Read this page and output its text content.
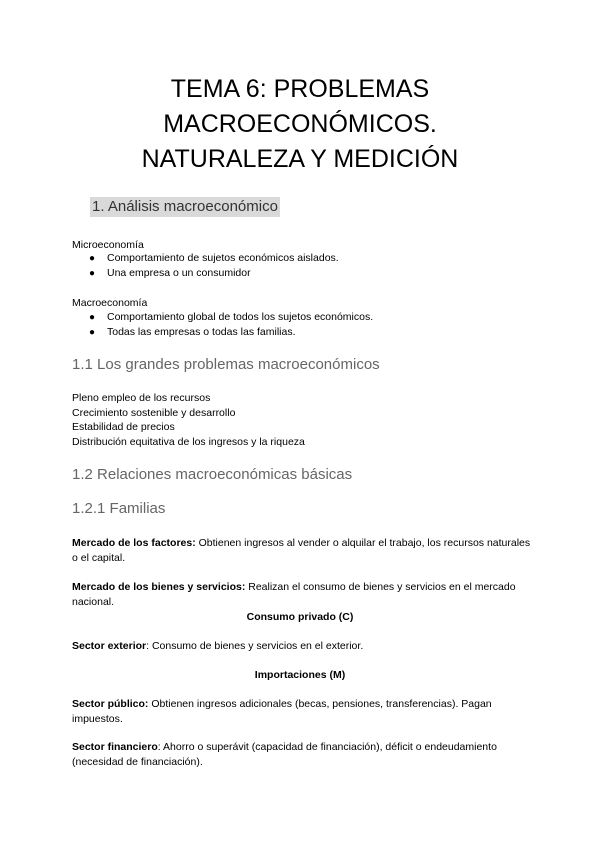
TEMA 6: PROBLEMAS
MACROECONÓMICOS.
NATURALEZA Y MEDICIÓN
1. Análisis macroeconómico
Microeconomía
● Comportamiento de sujetos económicos aislados.
● Una empresa o un consumidor
Macroeconomía
● Comportamiento global de todos los sujetos económicos.
● Todas las empresas o todas las familias.
1.1 Los grandes problemas macroeconómicos
Pleno empleo de los recursos
Crecimiento sostenible y desarrollo
Estabilidad de precios
Distribución equitativa de los ingresos y la riqueza
1.2 Relaciones macroeconómicas básicas
1.2.1 Familias

Mercado de los factores: Obtienen ingresos al vender o alquilar el trabajo, los recursos naturales o el capital.

Mercado de los bienes y servicios: Realizan el consumo de bienes y servicios en el mercado nacional.

Consumo privado (C)

Sector exterior: Consumo de bienes y servicios en el exterior.

Importaciones (M)

Sector público: Obtienen ingresos adicionales (becas, pensiones, transferencias). Pagan impuestos.

Sector financiero: Ahorro o superávit (capacidad de financiación), déficit o endeudamiento (necesidad de financiación).
